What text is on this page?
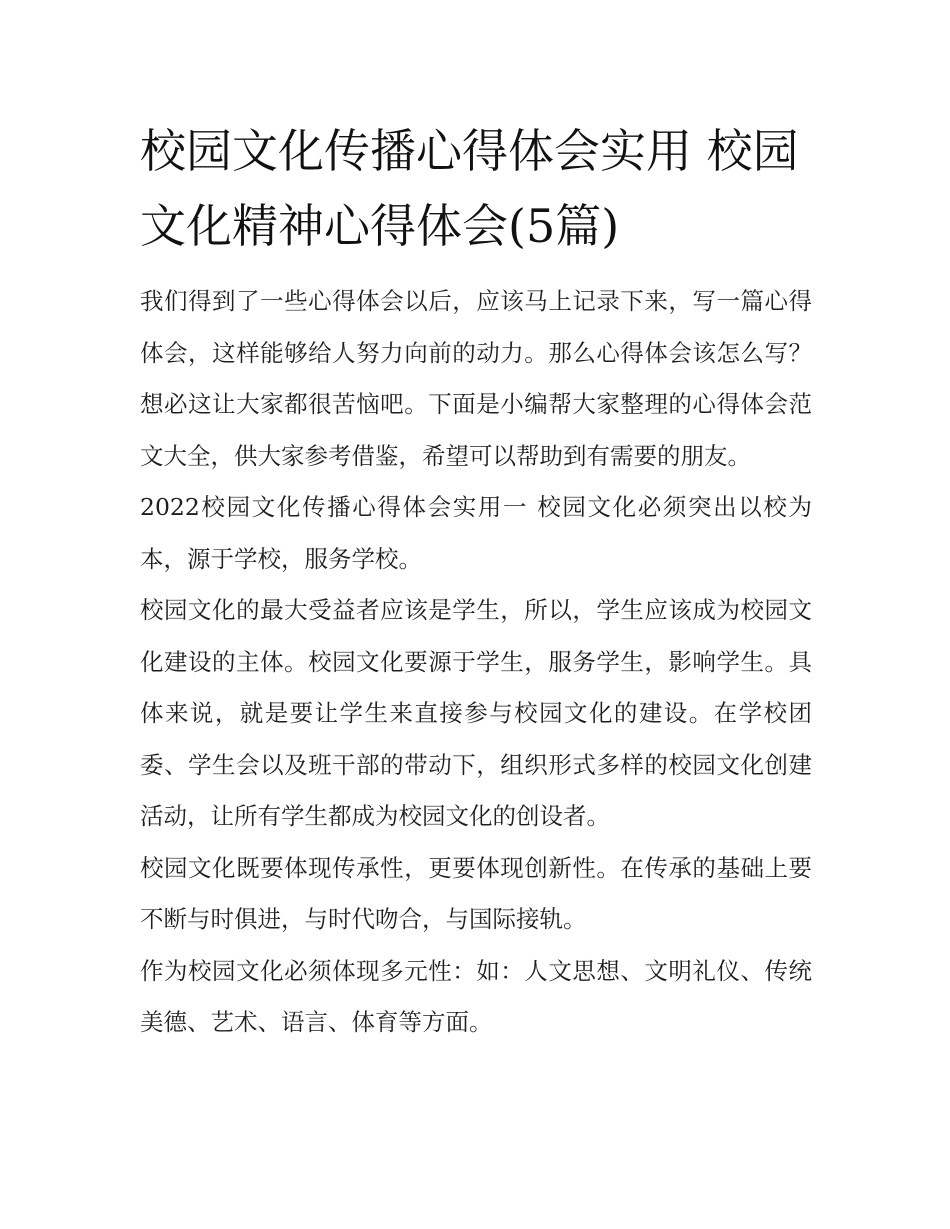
校园文化传播心得体会实用 校园文化精神心得体会(5篇)

我们得到了一些心得体会以后，应该马上记录下来，写一篇心得体会，这样能够给人努力向前的动力。那么心得体会该怎么写？想必这让大家都很苦恼吧。下面是小编帮大家整理的心得体会范文大全，供大家参考借鉴，希望可以帮助到有需要的朋友。

2022校园文化传播心得体会实用一 校园文化必须突出以校为本，源于学校，服务学校。

校园文化的最大受益者应该是学生，所以，学生应该成为校园文化建设的主体。校园文化要源于学生，服务学生，影响学生。具体来说，就是要让学生来直接参与校园文化的建设。在学校团委、学生会以及班干部的带动下，组织形式多样的校园文化创建活动，让所有学生都成为校园文化的创设者。

校园文化既要体现传承性，更要体现创新性。在传承的基础上要不断与时俱进，与时代吻合，与国际接轨。

作为校园文化必须体现多元性：如：人文思想、文明礼仪、传统美德、艺术、语言、体育等方面。
